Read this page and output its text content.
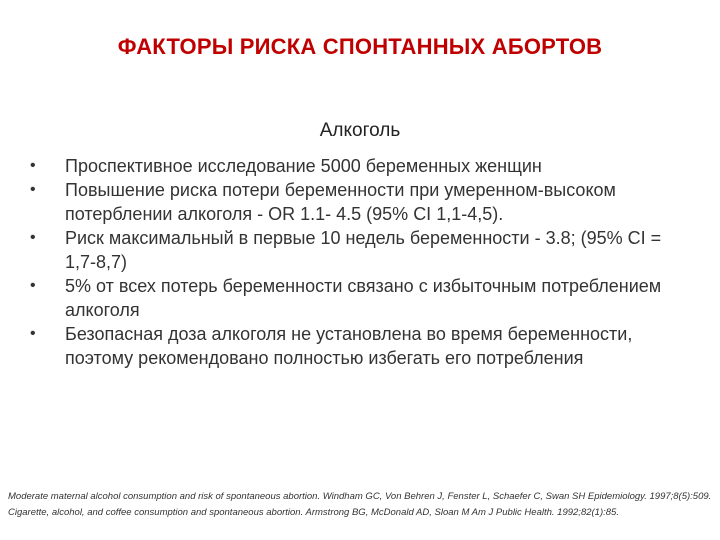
ФАКТОРЫ РИСКА СПОНТАННЫХ АБОРТОВ
Алкоголь
•	Проспективное исследование 5000 беременных женщин
•	Повышение риска потери беременности при умеренном-высоком потерблении алкоголя - OR 1.1- 4.5 (95% CI 1,1-4,5).
•	Риск максимальный в первые 10 недель беременности - 3.8; (95% CI = 1,7-8,7)
•	5% от всех потерь беременности связано с избыточным потреблением алкоголя
•	Безопасная доза алкоголя не установлена во время беременности, поэтому рекомендовано полностью избегать его потребления
Moderate maternal alcohol consumption and risk of spontaneous abortion. Windham GC, Von Behren J, Fenster L, Schaefer C, Swan SH Epidemiology. 1997;8(5):509. Cigarette, alcohol, and coffee consumption and spontaneous abortion. Armstrong BG, McDonald AD, Sloan M Am J Public Health. 1992;82(1):85.
